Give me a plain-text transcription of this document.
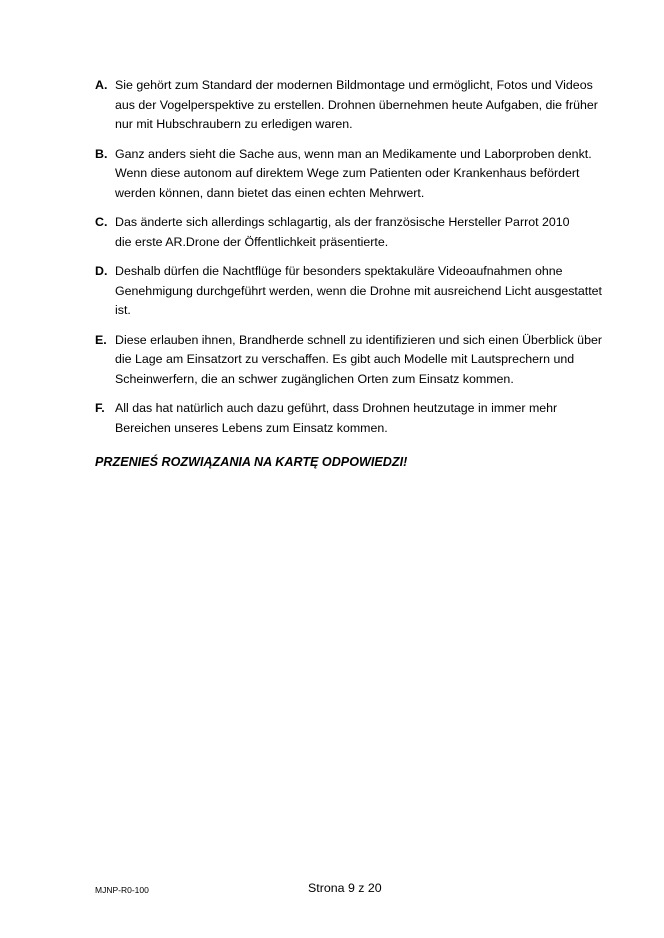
A. Sie gehört zum Standard der modernen Bildmontage und ermöglicht, Fotos und Videos
aus der Vogelperspektive zu erstellen. Drohnen übernehmen heute Aufgaben, die früher
nur mit Hubschraubern zu erledigen waren.
B. Ganz anders sieht die Sache aus, wenn man an Medikamente und Laborproben denkt.
Wenn diese autonom auf direktem Wege zum Patienten oder Krankenhaus befördert
werden können, dann bietet das einen echten Mehrwert.
C. Das änderte sich allerdings schlagartig, als der französische Hersteller Parrot 2010
die erste AR.Drone der Öffentlichkeit präsentierte.
D. Deshalb dürfen die Nachtflüge für besonders spektakuläre Videoaufnahmen ohne
Genehmigung durchgeführt werden, wenn die Drohne mit ausreichend Licht ausgestattet
ist.
E. Diese erlauben ihnen, Brandherde schnell zu identifizieren und sich einen Überblick über
die Lage am Einsatzort zu verschaffen. Es gibt auch Modelle mit Lautsprechern und
Scheinwerfern, die an schwer zugänglichen Orten zum Einsatz kommen.
F. All das hat natürlich auch dazu geführt, dass Drohnen heutzutage in immer mehr
Bereichen unseres Lebens zum Einsatz kommen.
PRZENIEŚ ROZWIĄZANIA NA KARTĘ ODPOWIEDZI!
MJNP-R0-100	Strona 9 z 20
